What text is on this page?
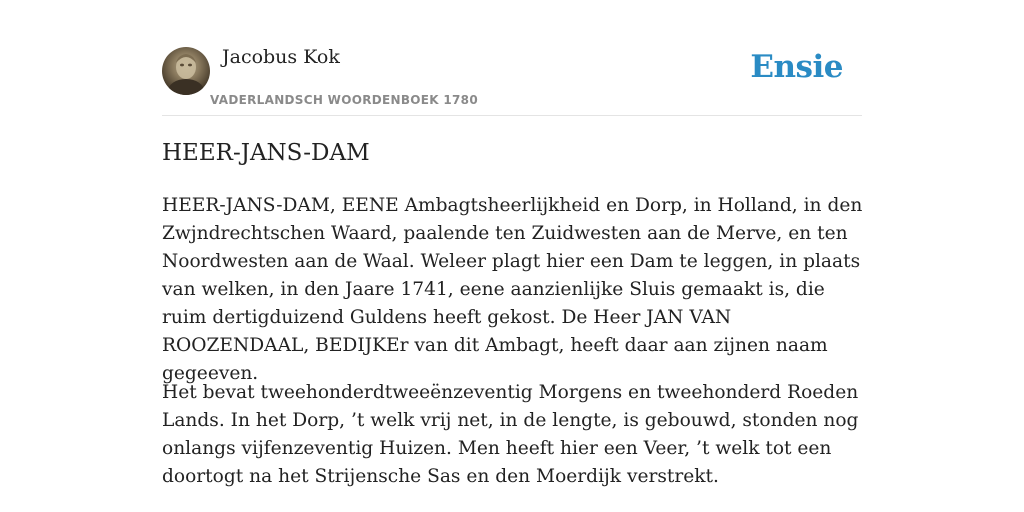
Jacobus Kok
VADERLANDSCH WOORDENBOEK 1780
Ensie
HEER-JANS-DAM

HEER-JANS-DAM, EENE Ambagtsheerlijkheid en Dorp, in Holland, in den Zwjndrechtschen Waard, paalende ten Zuidwesten aan de Merve, en ten Noordwesten aan de Waal. Weleer plagt hier een Dam te leggen, in plaats van welken, in den Jaare 1741, eene aanzienlijke Sluis gemaakt is, die ruim dertigduizend Guldens heeft gekost. De Heer JAN VAN ROOZENDAAL, BEDIJKEr van dit Ambagt, heeft daar aan zijnen naam gegeeven.

Het bevat tweehonderdtweeënzeventig Morgens en tweehonderd Roeden Lands. In het Dorp, ’t welk vrij net, in de lengte, is gebouwd, stonden nog onlangs vijfenzeventig Huizen. Men heeft hier een Veer, ’t welk tot een doortogt na het Strijensche Sas en den Moerdijk verstrekt.
